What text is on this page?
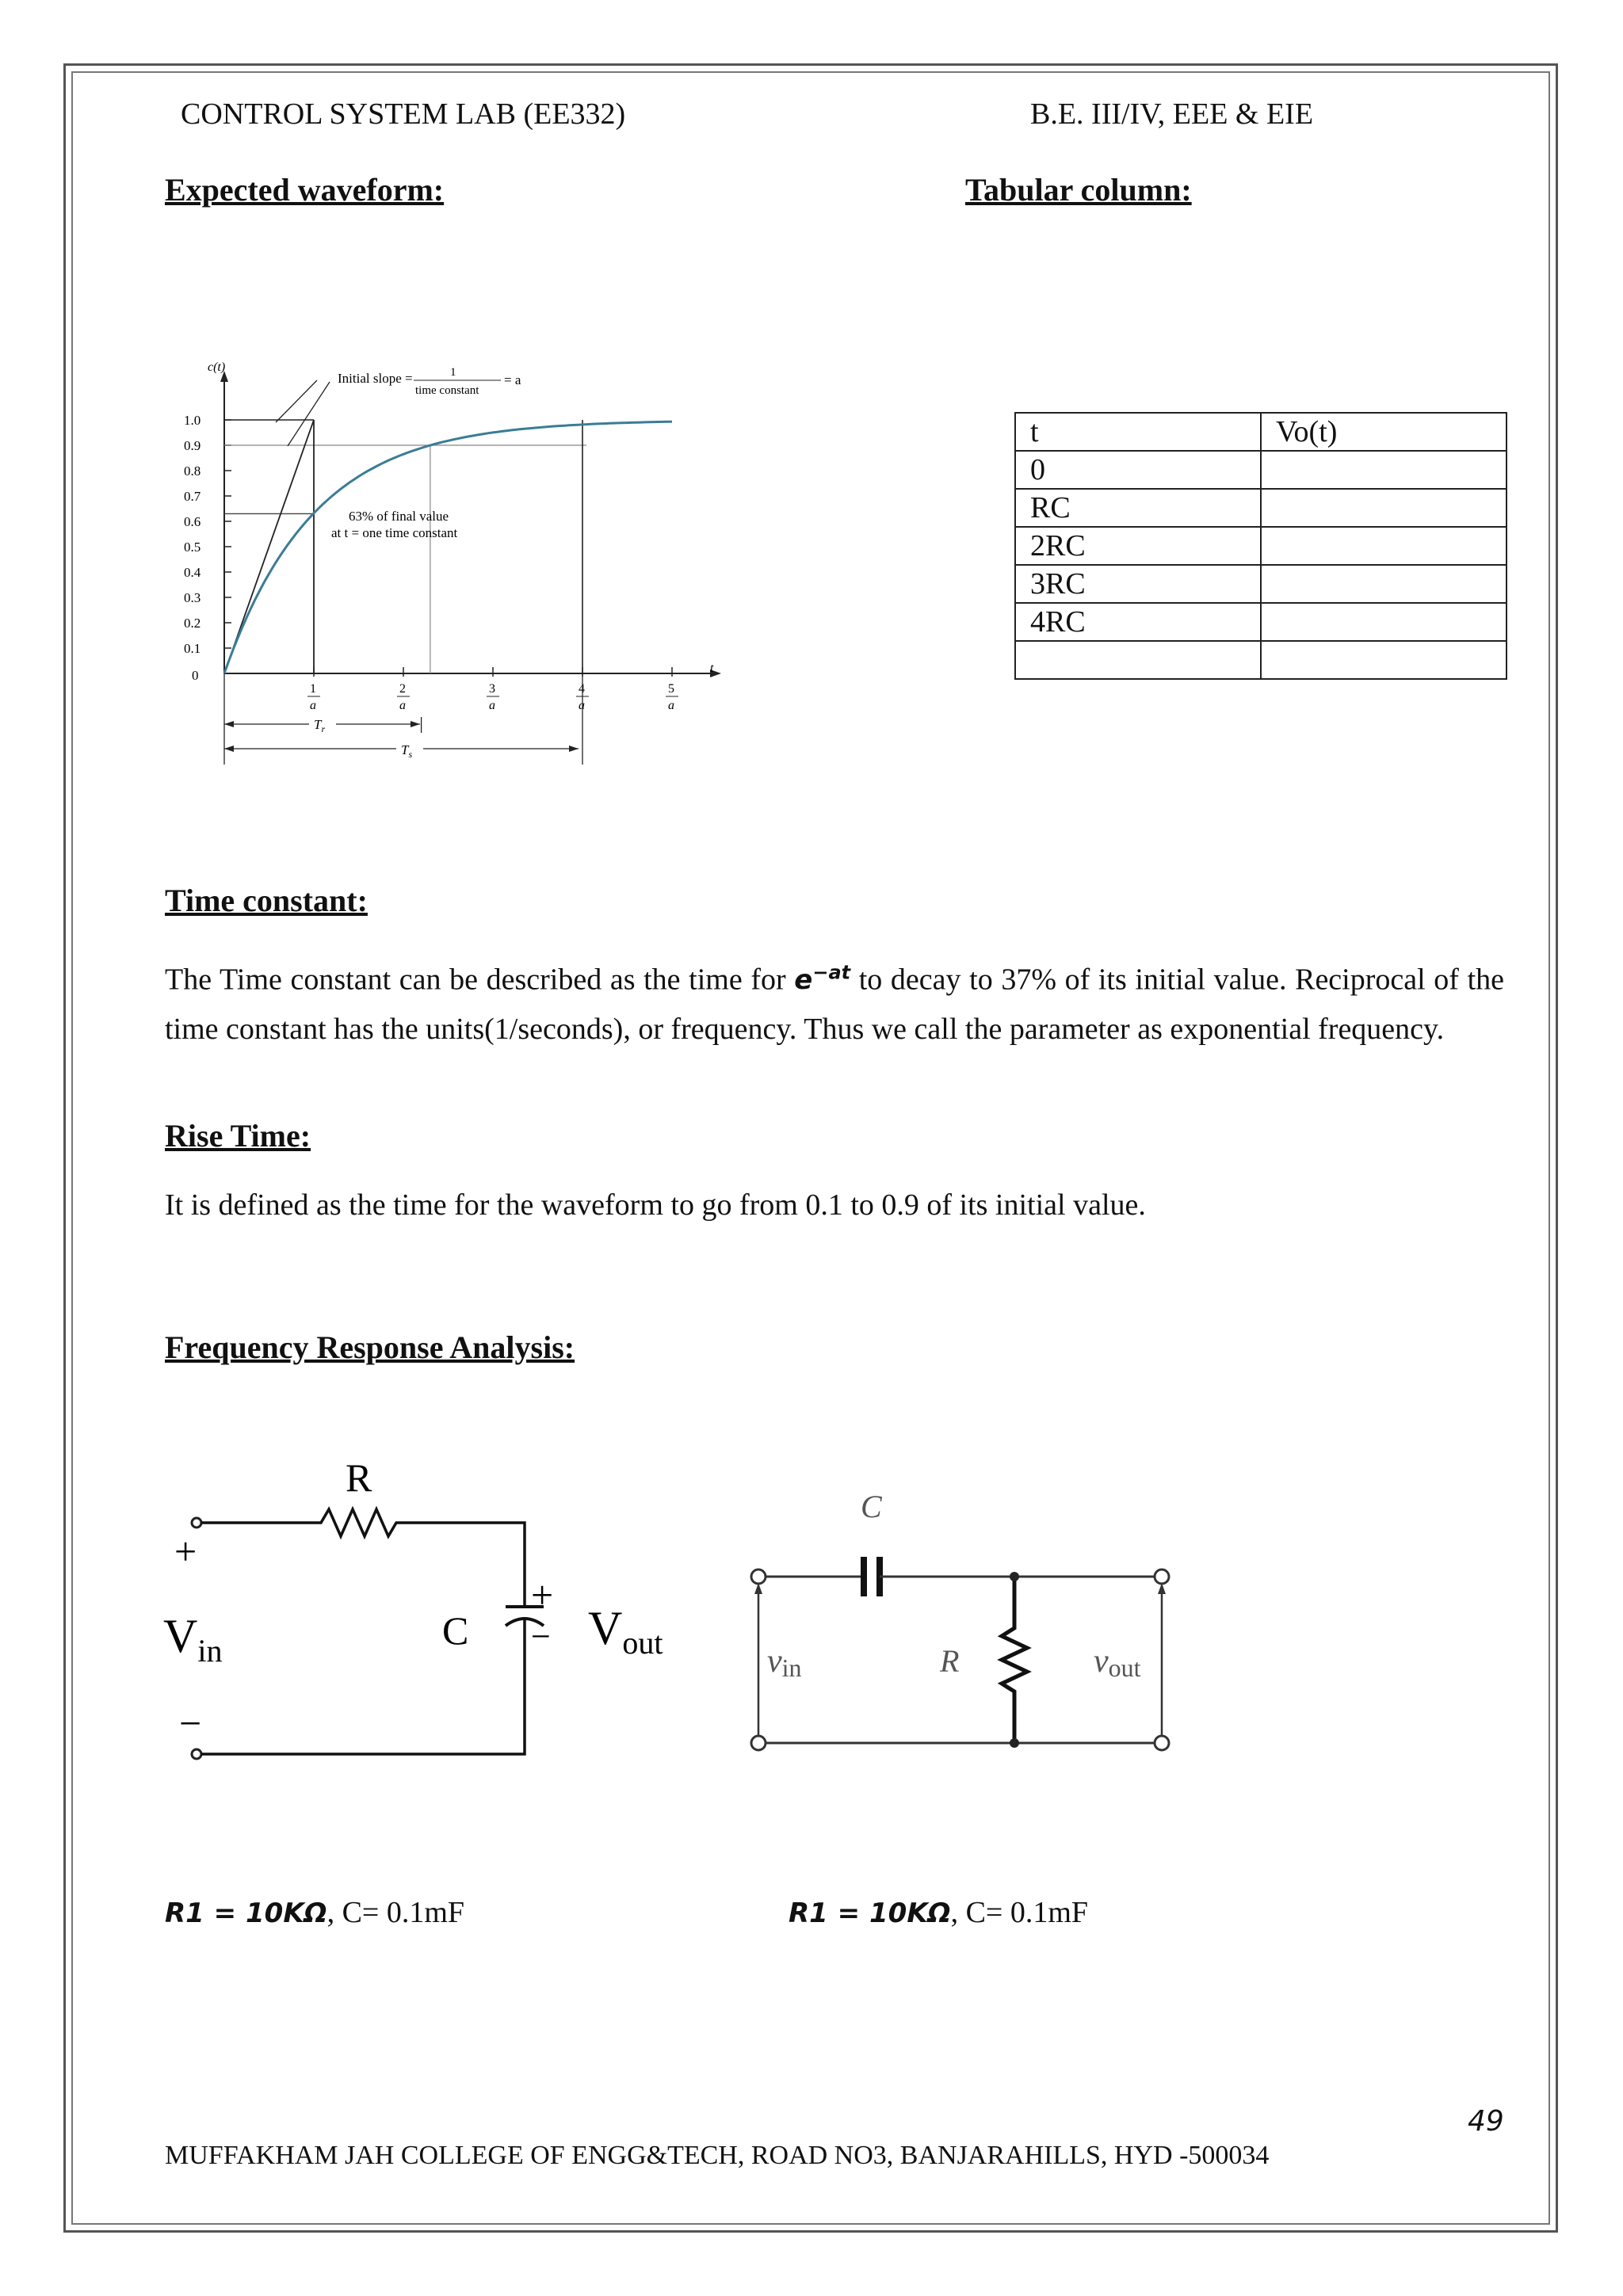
CONTROL SYSTEM LAB (EE332)	B.E. III/IV, EEE & EIE
Expected waveform:	Tabular column:
c(t)
t
1.0
0.9
0.8
0.7
0.6
0.5
0.4
0.3
0.2
0.1
0
1
a
2
a
3
a
4
a
5
a
Initial slope =	1
time constant
= a
63% of final value
at t = one time constant
$T_r$
$T_s$
t	Vo(t)
0	
RC	
2RC	
3RC	
4RC	

Time constant:
The Time constant can be described as the time for $e^{-at}$ to decay to 37% of its initial value. Reciprocal of the time constant has the units(1/seconds), or frequency. Thus we call the parameter as exponential frequency.
Rise Time:
It is defined as the time for the waveform to go from 0.1 to 0.9 of its initial value.
Frequency Response Analysis:
R
C
+
−
+
−
$V_{in}$	$V_{out}$
C
R
vin	vout
R1 = 10KΩ, C= 0.1mF	R1 = 10KΩ, C= 0.1mF
49
MUFFAKHAM JAH COLLEGE OF ENGG&TECH, ROAD NO3, BANJARAHILLS, HYD -500034
